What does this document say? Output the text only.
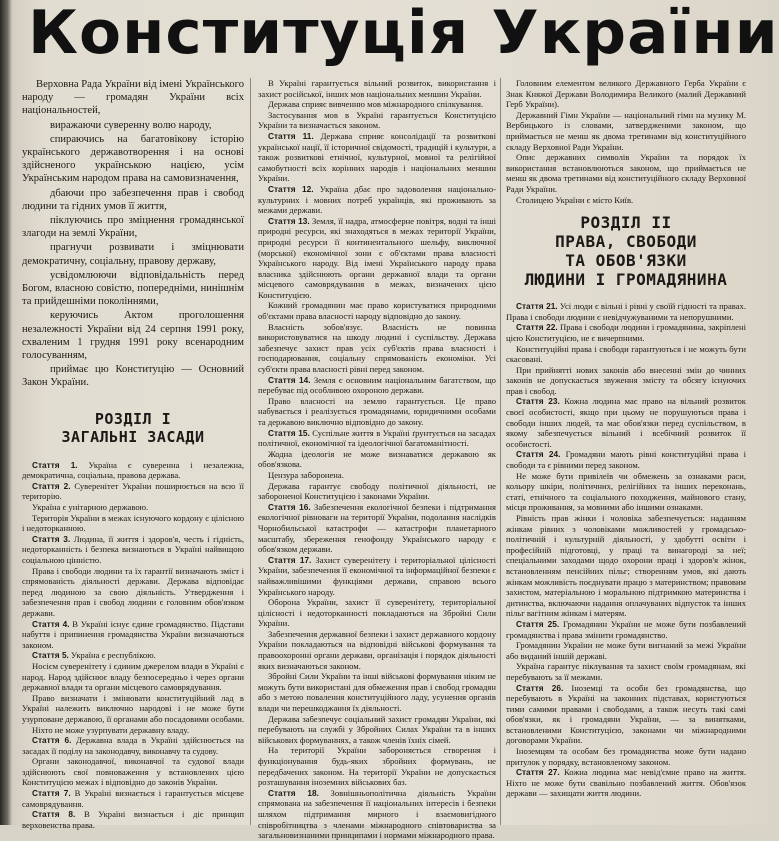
Конституція України

Верховна Рада України від імені Українського народу — громадян України всіх національностей,

виражаючи суверенну волю народу,

спираючись на багатовікову історію українського державотворення і на основі здійсненого українською нацією, усім Українським народом права на самовизначення,

дбаючи про забезпечення прав і свобод людини та гідних умов її життя,

піклуючись про зміцнення громадянської злагоди на землі України,

прагнучи розвивати і зміцнювати демократичну, соціальну, правову державу,

усвідомлюючи відповідальність перед Богом, власною совістю, попередніми, нинішнім та прийдешніми поколіннями,

керуючись Актом проголошення незалежності України від 24 серпня 1991 року, схваленим 1 грудня 1991 року всенародним голосуванням,

приймає цю Конституцію — Основний Закон України.

РОЗДІЛ І
ЗАГАЛЬНІ ЗАСАДИ

Стаття 1. Україна є суверенна і незалежна, демократична, соціальна, правова держава.

Стаття 2. Суверенітет України поширюється на всю її територію.

Україна є унітарною державою.

Територія України в межах існуючого кордону є цілісною і недоторканною.

Стаття 3. Людина, її життя і здоров'я, честь і гідність, недоторканність і безпека визнаються в Україні найвищою соціальною цінністю.

Права і свободи людини та їх гарантії визначають зміст і спрямованість діяльності держави. Держава відповідає перед людиною за свою діяльність. Утвердження і забезпечення прав і свобод людини є головним обов'язком держави.

Стаття 4. В Україні існує єдине громадянство. Підстави набуття і припинення громадянства України визначаються законом.

Стаття 5. Україна є республікою.

Носієм суверенітету і єдиним джерелом влади в Україні є народ. Народ здійснює владу безпосередньо і через органи державної влади та органи місцевого самоврядування.

Право визначати і змінювати конституційний лад в Україні належить виключно народові і не може бути узурповане державою, її органами або посадовими особами.

Ніхто не може узурпувати державну владу.

Стаття 6. Державна влада в Україні здійснюється на засадах її поділу на законодавчу, виконавчу та судову.

Органи законодавчої, виконавчої та судової влади здійснюють свої повноваження у встановлених цією Конституцією межах і відповідно до законів України.

Стаття 7. В Україні визнається і гарантується місцеве самоврядування.

Стаття 8. В Україні визнається і діє принцип верховенства права.

В Україні гарантується вільний розвиток, використання і захист російської, інших мов національних меншин України.

Держава сприяє вивченню мов міжнародного спілкування.

Застосування мов в Україні гарантується Конституцією України та визначається законом.

Стаття 11. Держава сприяє консолідації та розвиткові української нації, її історичної свідомості, традицій і культури, а також розвиткові етнічної, культурної, мовної та релігійної самобутності всіх корінних народів і національних меншин України.

Стаття 12. Україна дбає про задоволення національно-культурних і мовних потреб українців, які проживають за межами держави.

Стаття 13. Земля, її надра, атмосферне повітря, водні та інші природні ресурси, які знаходяться в межах території України, природні ресурси її континентального шельфу, виключної (морської) економічної зони є об'єктами права власності Українського народу. Від імені Українського народу права власника здійснюють органи державної влади та органи місцевого самоврядування в межах, визначених цією Конституцією.

Кожний громадянин має право користуватися природними об'єктами права власності народу відповідно до закону.

Власність зобов'язує. Власність не повинна використовуватися на шкоду людині і суспільству. Держава забезпечує захист прав усіх суб'єктів права власності і господарювання, соціальну спрямованість економіки. Усі суб'єкти права власності рівні перед законом.

Стаття 14. Земля є основним національним багатством, що перебуває під особливою охороною держави.

Право власності на землю гарантується. Це право набувається і реалізується громадянами, юридичними особами та державою виключно відповідно до закону.

Стаття 15. Суспільне життя в Україні ґрунтується на засадах політичної, економічної та ідеологічної багатоманітності.

Жодна ідеологія не може визнаватися державою як обов'язкова.

Цензура заборонена.

Держава гарантує свободу політичної діяльності, не забороненої Конституцією і законами України.

Стаття 16. Забезпечення екологічної безпеки і підтримання екологічної рівноваги на території України, подолання наслідків Чорнобильської катастрофи — катастрофи планетарного масштабу, збереження генофонду Українського народу є обов'язком держави.

Стаття 17. Захист суверенітету і територіальної цілісності України, забезпечення її економічної та інформаційної безпеки є найважливішими функціями держави, справою всього Українського народу.

Оборона України, захист її суверенітету, територіальної цілісності і недоторканності покладаються на Збройні Сили України.

Забезпечення державної безпеки і захист державного кордону України покладаються на відповідні військові формування та правоохоронні органи держави, організація і порядок діяльності яких визначаються законом.

Збройні Сили України та інші військові формування ніким не можуть бути використані для обмеження прав і свобод громадян або з метою повалення конституційного ладу, усунення органів влади чи перешкоджання їх діяльності.

Держава забезпечує соціальний захист громадян України, які перебувають на службі у Збройних Силах України та в інших військових формуваннях, а також членів їхніх сімей.

На території України забороняється створення і функціонування будь-яких збройних формувань, не передбачених законом. На території України не допускається розташування іноземних військових баз.

Стаття 18. Зовнішньополітична діяльність України спрямована на забезпечення її національних інтересів і безпеки шляхом підтримання мирного і взаємовигідного співробітництва з членами міжнародного співтовариства за загальновизнаними принципами і нормами міжнародного права.

Головним елементом великого Державного Герба України є Знак Княжої Держави Володимира Великого (малий Державний Герб України).

Державний Гімн України — національний гімн на музику М. Вербицького із словами, затвердженими законом, що приймається не менш як двома третинами від конституційного складу Верховної Ради України.

Опис державних символів України та порядок їх використання встановлюються законом, що приймається не менш як двома третинами від конституційного складу Верховної Ради України.

Столицею України є місто Київ.

РОЗДІЛ II
ПРАВА, СВОБОДИ
ТА ОБОВ'ЯЗКИ
ЛЮДИНИ І ГРОМАДЯНИНА

Стаття 21. Усі люди є вільні і рівні у своїй гідності та правах. Права і свободи людини є невідчужуваними та непорушними.

Стаття 22. Права і свободи людини і громадянина, закріплені цією Конституцією, не є вичерпними.

Конституційні права і свободи гарантуються і не можуть бути скасовані.

При прийнятті нових законів або внесенні змін до чинних законів не допускається звуження змісту та обсягу існуючих прав і свобод.

Стаття 23. Кожна людина має право на вільний розвиток своєї особистості, якщо при цьому не порушуються права і свободи інших людей, та має обов'язки перед суспільством, в якому забезпечується вільний і всебічний розвиток її особистості.

Стаття 24. Громадяни мають рівні конституційні права і свободи та є рівними перед законом.

Не може бути привілеїв чи обмежень за ознаками раси, кольору шкіри, політичних, релігійних та інших переконань, статі, етнічного та соціального походження, майнового стану, місця проживання, за мовними або іншими ознаками.

Рівність прав жінки і чоловіка забезпечується: наданням жінкам рівних з чоловіками можливостей у громадсько-політичній і культурній діяльності, у здобутті освіти і професійній підготовці, у праці та винагороді за неї; спеціальними заходами щодо охорони праці і здоров'я жінок, встановленням пенсійних пільг; створенням умов, які дають жінкам можливість поєднувати працю з материнством; правовим захистом, матеріальною і моральною підтримкою материнства і дитинства, включаючи надання оплачуваних відпусток та інших пільг вагітним жінкам і матерям.

Стаття 25. Громадянин України не може бути позбавлений громадянства і права змінити громадянство.

Громадянин України не може бути вигнаний за межі України або виданий іншій державі.

Україна гарантує піклування та захист своїм громадянам, які перебувають за її межами.

Стаття 26. Іноземці та особи без громадянства, що перебувають в Україні на законних підставах, користуються тими самими правами і свободами, а також несуть такі самі обов'язки, як і громадяни України, — за винятками, встановленими Конституцією, законами чи міжнародними договорами України.

Іноземцям та особам без громадянства може бути надано притулок у порядку, встановленому законом.

Стаття 27. Кожна людина має невід'ємне право на життя. Ніхто не може бути свавільно позбавлений життя. Обов'язок держави — захищати життя людини.
